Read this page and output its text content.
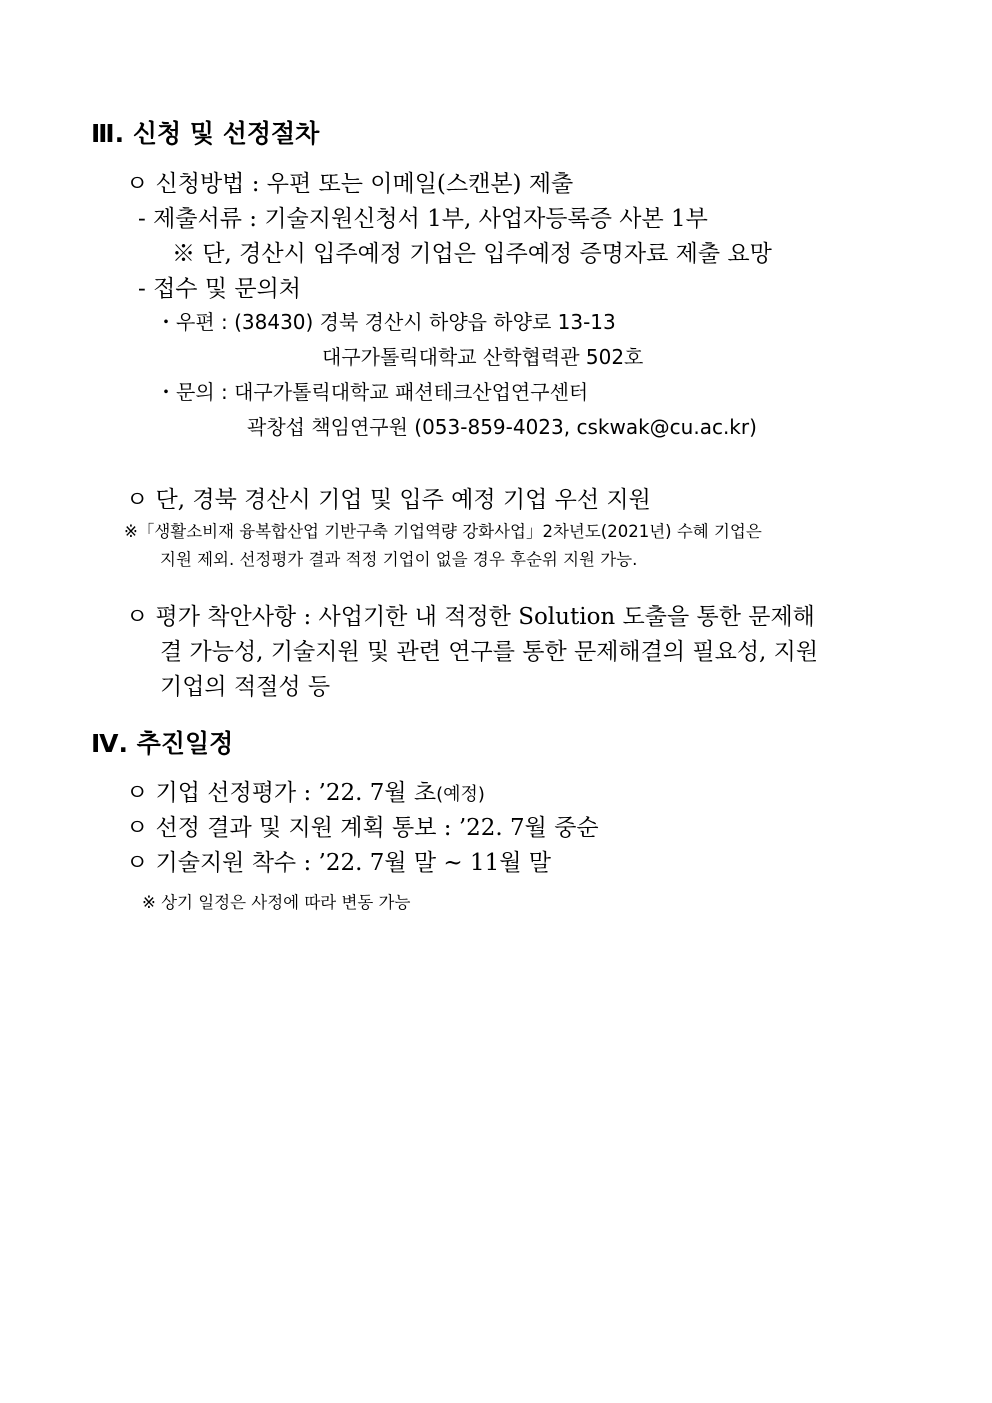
Ⅲ. 신청 및 선정절차
ㅇ 신청방법 : 우편 또는 이메일(스캔본) 제출
- 제출서류 : 기술지원신청서 1부, 사업자등록증 사본 1부
※ 단, 경산시 입주예정 기업은 입주예정 증명자료 제출 요망
- 접수 및 문의처
・우편 : (38430) 경북 경산시 하양읍 하양로 13-13
대구가톨릭대학교 산학협력관 502호
・문의 : 대구가톨릭대학교 패션테크산업연구센터
곽창섭 책임연구원 (053-859-4023, cskwak@cu.ac.kr)
ㅇ 단, 경북 경산시 기업 및 입주 예정 기업 우선 지원
※「생활소비재 융복합산업 기반구축 기업역량 강화사업」2차년도(2021년) 수혜 기업은
지원 제외. 선정평가 결과 적정 기업이 없을 경우 후순위 지원 가능.
ㅇ 평가 착안사항 : 사업기한 내 적정한 Solution 도출을 통한 문제해
결 가능성, 기술지원 및 관련 연구를 통한 문제해결의 필요성, 지원
기업의 적절성 등
Ⅳ. 추진일정
ㅇ 기업 선정평가 : ’22. 7월 초(예정)
ㅇ 선정 결과 및 지원 계획 통보 : ’22. 7월 중순
ㅇ 기술지원 착수 : ’22. 7월 말 ~ 11월 말
※ 상기 일정은 사정에 따라 변동 가능
